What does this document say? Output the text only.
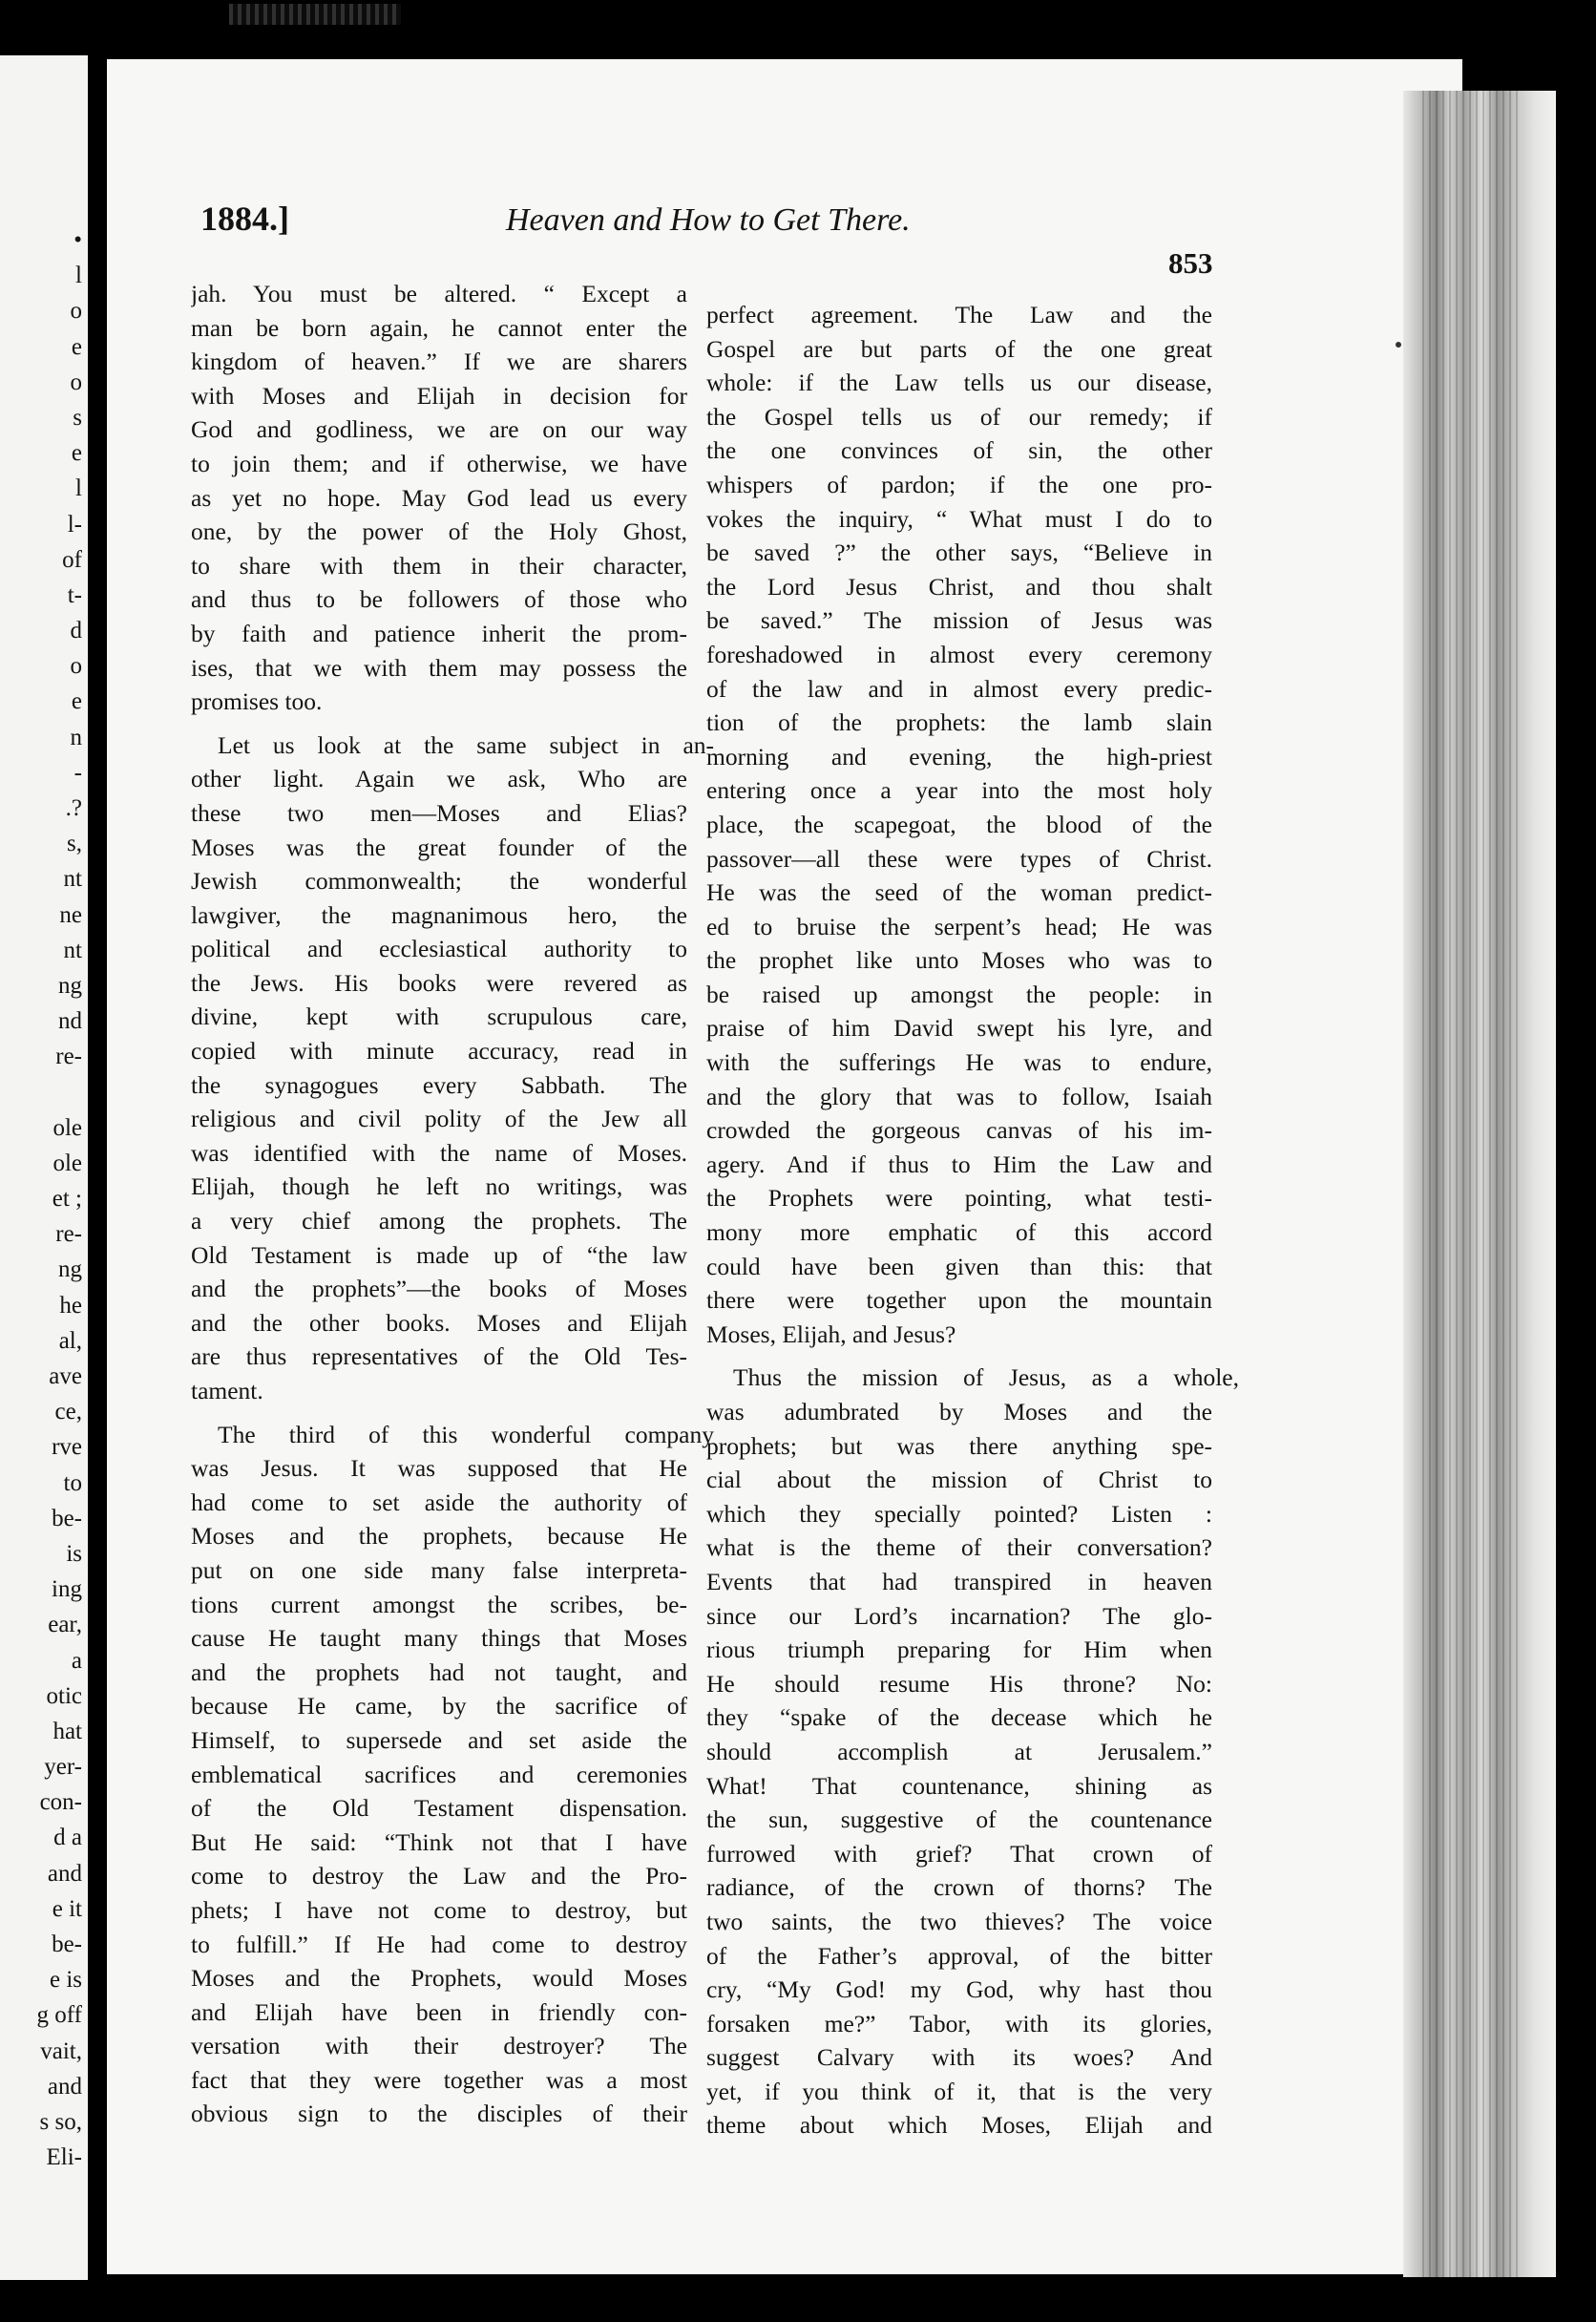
•
l
o
e
o
s
e
l
l-
of
t-
d
o
e
n
-
.?
s,
nt
ne
nt
ng
nd
re-
ole
ole
et ;
re-
ng
he
al,
ave
ce,
rve
to
be-
is
ing
ear,
a
otic
hat
yer-
con-
d a
and
e it
be-
e is
g off
vait,
and
s so,
Eli-
1884.]	Heaven and How to Get There.
853
jah. You must be altered. “ Except a
man be born again, he cannot enter the
kingdom of heaven.” If we are sharers
with Moses and Elijah in decision for
God and godliness, we are on our way
to join them; and if otherwise, we have
as yet no hope. May God lead us every
one, by the power of the Holy Ghost,
to share with them in their character,
and thus to be followers of those who
by faith and patience inherit the prom-
ises, that we with them may possess the
promises too.
Let us look at the same subject in an-
other light. Again we ask, Who are
these two men—Moses and Elias?
Moses was the great founder of the
Jewish commonwealth; the wonderful
lawgiver, the magnanimous hero, the
political and ecclesiastical authority to
the Jews. His books were revered as
divine, kept with scrupulous care,
copied with minute accuracy, read in
the synagogues every Sabbath. The
religious and civil polity of the Jew all
was identified with the name of Moses.
Elijah, though he left no writings, was
a very chief among the prophets. The
Old Testament is made up of “the law
and the prophets”—the books of Moses
and the other books. Moses and Elijah
are thus representatives of the Old Tes-
tament.
The third of this wonderful company
was Jesus. It was supposed that He
had come to set aside the authority of
Moses and the prophets, because He
put on one side many false interpreta-
tions current amongst the scribes, be-
cause He taught many things that Moses
and the prophets had not taught, and
because He came, by the sacrifice of
Himself, to supersede and set aside the
emblematical sacrifices and ceremonies
of the Old Testament dispensation.
But He said: “Think not that I have
come to destroy the Law and the Pro-
phets; I have not come to destroy, but
to fulfill.” If He had come to destroy
Moses and the Prophets, would Moses
and Elijah have been in friendly con-
versation with their destroyer? The
fact that they were together was a most
obvious sign to the disciples of their
perfect agreement. The Law and the
Gospel are but parts of the one great
whole: if the Law tells us our disease,
the Gospel tells us of our remedy; if
the one convinces of sin, the other
whispers of pardon; if the one pro-
vokes the inquiry, “ What must I do to
be saved ?” the other says, “Believe in
the Lord Jesus Christ, and thou shalt
be saved.” The mission of Jesus was
foreshadowed in almost every ceremony
of the law and in almost every predic-
tion of the prophets: the lamb slain
morning and evening, the high-priest
entering once a year into the most holy
place, the scapegoat, the blood of the
passover—all these were types of Christ.
He was the seed of the woman predict-
ed to bruise the serpent’s head; He was
the prophet like unto Moses who was to
be raised up amongst the people: in
praise of him David swept his lyre, and
with the sufferings He was to endure,
and the glory that was to follow, Isaiah
crowded the gorgeous canvas of his im-
agery. And if thus to Him the Law and
the Prophets were pointing, what testi-
mony more emphatic of this accord
could have been given than this: that
there were together upon the mountain
Moses, Elijah, and Jesus?
Thus the mission of Jesus, as a whole,
was adumbrated by Moses and the
prophets; but was there anything spe-
cial about the mission of Christ to
which they specially pointed? Listen :
what is the theme of their conversation?
Events that had transpired in heaven
since our Lord’s incarnation? The glo-
rious triumph preparing for Him when
He should resume His throne? No:
they “spake of the decease which he
should accomplish at Jerusalem.”
What! That countenance, shining as
the sun, suggestive of the countenance
furrowed with grief? That crown of
radiance, of the crown of thorns? The
two saints, the two thieves? The voice
of the Father’s approval, of the bitter
cry, “My God! my God, why hast thou
forsaken me?” Tabor, with its glories,
suggest Calvary with its woes? And
yet, if you think of it, that is the very
theme about which Moses, Elijah and
